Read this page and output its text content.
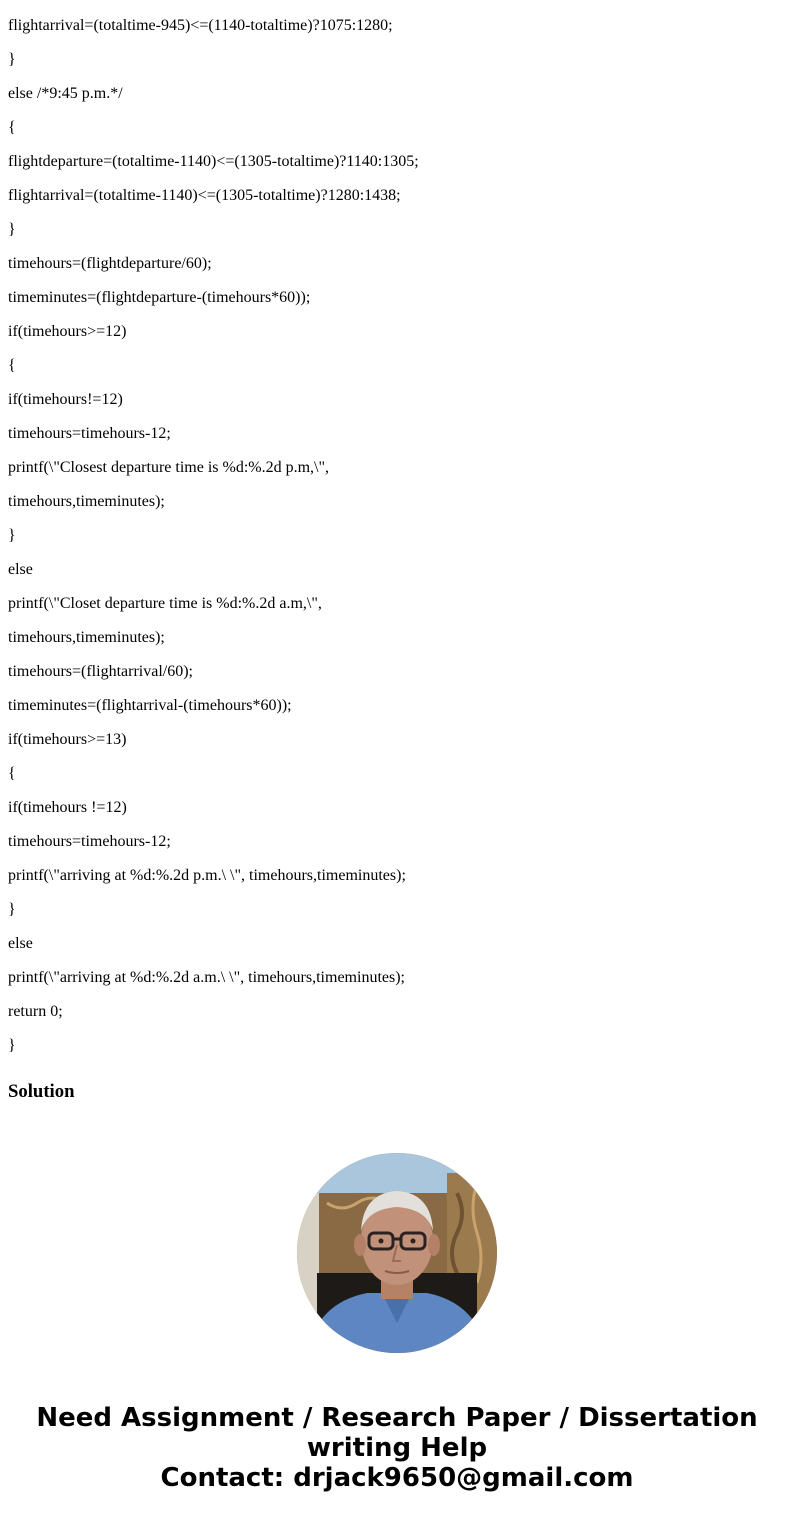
flightarrival=(totaltime-945)<=(1140-totaltime)?1075:1280;
}
else /*9:45 p.m.*/
{
flightdeparture=(totaltime-1140)<=(1305-totaltime)?1140:1305;
flightarrival=(totaltime-1140)<=(1305-totaltime)?1280:1438;
}
timehours=(flightdeparture/60);
timeminutes=(flightdeparture-(timehours*60));
if(timehours>=12)
{
if(timehours!=12)
timehours=timehours-12;
printf(\"Closest departure time is %d:%.2d p.m,\",
timehours,timeminutes);
}
else
printf(\"Closet departure time is %d:%.2d a.m,\",
timehours,timeminutes);
timehours=(flightarrival/60);
timeminutes=(flightarrival-(timehours*60));
if(timehours>=13)
{
if(timehours !=12)
timehours=timehours-12;
printf(\"arriving at %d:%.2d p.m.\ \", timehours,timeminutes);
}
else
printf(\"arriving at %d:%.2d a.m.\ \", timehours,timeminutes);
return 0;
}
Solution
Need Assignment / Research Paper / Dissertation
writing Help
Contact: drjack9650@gmail.com
